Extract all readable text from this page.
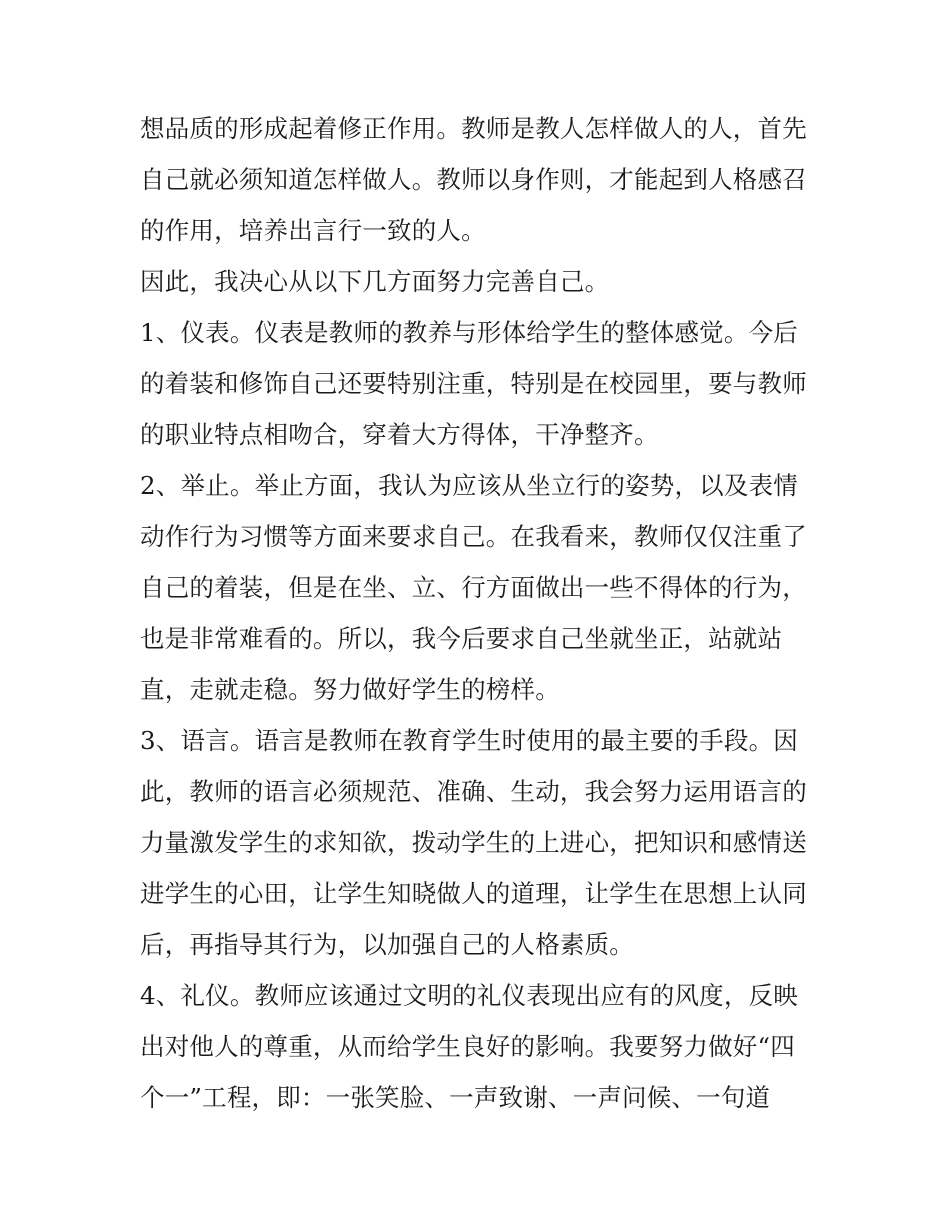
想品质的形成起着修正作用。教师是教人怎样做人的人，首先
自己就必须知道怎样做人。教师以身作则，才能起到人格感召
的作用，培养出言行一致的人。
因此，我决心从以下几方面努力完善自己。
1、仪表。仪表是教师的教养与形体给学生的整体感觉。今后
的着装和修饰自己还要特别注重，特别是在校园里，要与教师
的职业特点相吻合，穿着大方得体，干净整齐。
2、举止。举止方面，我认为应该从坐立行的姿势，以及表情
动作行为习惯等方面来要求自己。在我看来，教师仅仅注重了
自己的着装，但是在坐、立、行方面做出一些不得体的行为，
也是非常难看的。所以，我今后要求自己坐就坐正，站就站
直，走就走稳。努力做好学生的榜样。
3、语言。语言是教师在教育学生时使用的最主要的手段。因
此，教师的语言必须规范、准确、生动，我会努力运用语言的
力量激发学生的求知欲，拨动学生的上进心，把知识和感情送
进学生的心田，让学生知晓做人的道理，让学生在思想上认同
后，再指导其行为，以加强自己的人格素质。
4、礼仪。教师应该通过文明的礼仪表现出应有的风度，反映
出对他人的尊重，从而给学生良好的影响。我要努力做好“四
个一”工程，即：一张笑脸、一声致谢、一声问候、一句道
